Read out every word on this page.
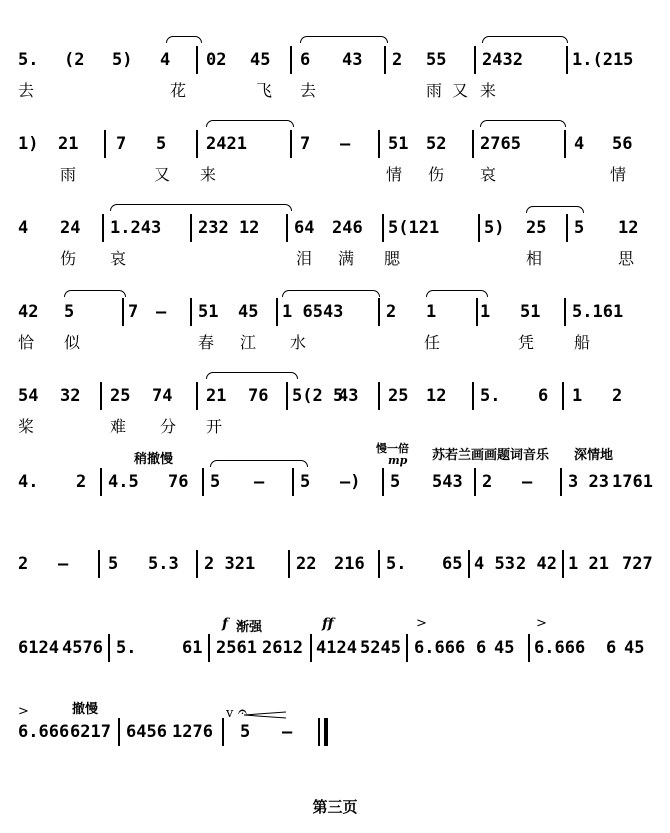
5. (2 5) 4 02 45 6 43 2 55 2432	1.(215
去	花	飞 去	雨 又 来
1) 21 7 5 2421	7 – 51 52 2765	4 56
雨	又 来	情 伤 哀	情
4 24 1.243 232 12 64 246 5(121	5) 25 5 12
伤 哀	泪 满 腮	相	思
42 5	7 – 51 45 1 6543	2 1	1 51 5.161
恰 似	春 江 水	任	凭 船
54 32 25 74 21 76 5(2 5
43 25 12 5. 6 1 2
桨	难 分 开
稍撤慢
慢一倍
mp 苏若兰画画题词音乐 深情地
4. 2 4.5 76 5 – 5 –) 5 543 2 – 3 23 1761
2 – 5 5.3 2 321 22 216 5. 65 4 53 2 42 1 21 727
f 渐强	ff	>	>
6124 4576 5.	61 2561 2612 4124 5245 6.666 6 45 6.666 6 45
>	撤慢	v 𝄐
6.666 6217 6456 1276 5 –
第三页
